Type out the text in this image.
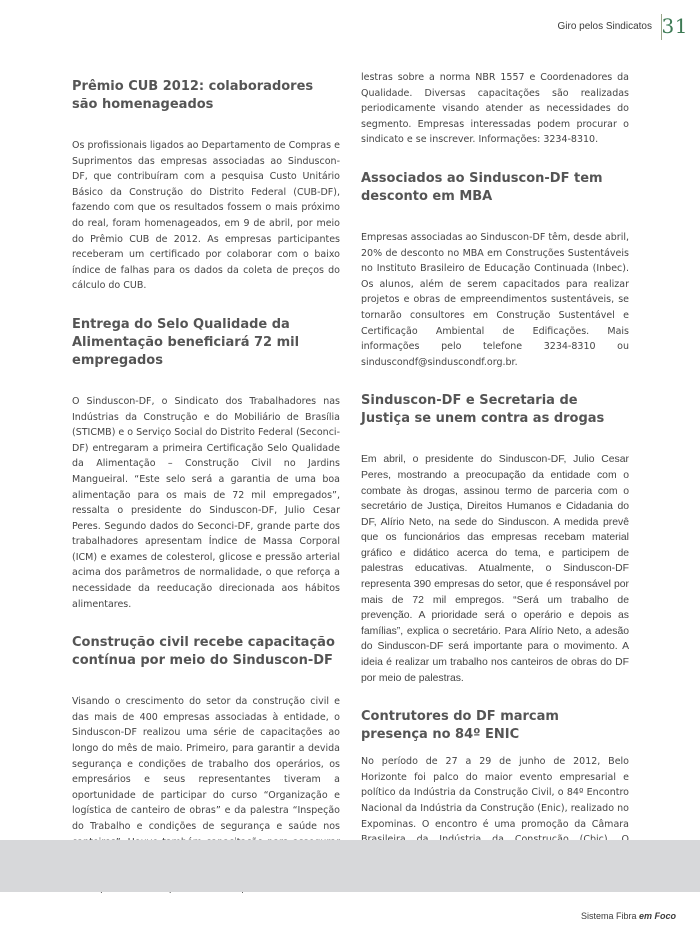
Giro pelos Sindicatos 31
Prêmio CUB 2012: colaboradores são homenageados

Os profissionais ligados ao Departamento de Compras e Suprimentos das empresas associadas ao Sinduscon-DF, que contribuíram com a pesquisa Custo Unitário Básico da Construção do Distrito Federal (CUB-DF), fazendo com que os resultados fossem o mais próximo do real, foram homenageados, em 9 de abril, por meio do Prêmio CUB de 2012. As empresas participantes receberam um certificado por colaborar com o baixo índice de falhas para os dados da coleta de preços do cálculo do CUB.

Entrega do Selo Qualidade da Alimentação beneficiará 72 mil empregados

O Sinduscon-DF, o Sindicato dos Trabalhadores nas Indústrias da Construção e do Mobiliário de Brasília (STICMB) e o Serviço Social do Distrito Federal (Seconci-DF) entregaram a primeira Certificação Selo Qualidade da Alimentação – Construção Civil no Jardins Mangueiral. “Este selo será a garantia de uma boa alimentação para os mais de 72 mil empregados”, ressalta o presidente do Sinduscon-DF, Julio Cesar Peres. Segundo dados do Seconci-DF, grande parte dos trabalhadores apresentam Índice de Massa Corporal (ICM) e exames de colesterol, glicose e pressão arterial acima dos parâmetros de normalidade, o que reforça a necessidade da reeducação direcionada aos hábitos alimentares.

Construção civil recebe capacitação contínua por meio do Sinduscon-DF

Visando o crescimento do setor da construção civil e das mais de 400 empresas associadas à entidade, o Sinduscon-DF realizou uma série de capacitações ao longo do mês de maio. Primeiro, para garantir a devida segurança e condições de trabalho dos operários, os empresários e seus representantes tiveram a oportunidade de participar do curso “Organização e logística de canteiro de obras” e da palestra “Inspeção do Trabalho e condições de segurança e saúde nos

lestras sobre a norma NBR 1557 e Coordenadores da Qualidade. Diversas capacitações são realizadas periodicamente visando atender as necessidades do segmento. Empresas interessadas podem procurar o sindicato e se inscrever. Informações: 3234-8310.

Associados ao Sinduscon-DF tem desconto em MBA

Empresas associadas ao Sinduscon-DF têm, desde abril, 20% de desconto no MBA em Construções Sustentáveis no Instituto Brasileiro de Educação Continuada (Inbec). Os alunos, além de serem capacitados para realizar projetos e obras de empreendimentos sustentáveis, se tornarão consultores em Construção Sustentável e Certificação Ambiental de Edificações. Mais informações pelo telefone 3234-8310 ou sinduscondf@sinduscondf.org.br.

Sinduscon-DF e Secretaria de Justiça se unem contra as drogas

Em abril, o presidente do Sinduscon-DF, Julio Cesar Peres, mostrando a preocupação da entidade com o combate às drogas, assinou termo de parceria com o secretário de Justiça, Direitos Humanos e Cidadania do DF, Alírio Neto, na sede do Sinduscon. A medida prevê que os funcionários das empresas recebam material gráfico e didático acerca do tema, e participem de palestras educativas. Atualmente, o Sinduscon-DF representa 390 empresas do setor, que é responsável por mais de 72 mil empregos. “Será um trabalho de prevenção. A prioridade será o operário e depois as famílias”, explica o secretário. Para Alírio Neto, a adesão do Sinduscon-DF será importante para o movimento. A ideia é realizar um trabalho nos canteiros de obras do DF por meio de palestras.

Contrutores do DF marcam presença no 84º ENIC

No período de 27 a 29 de junho de 2012, Belo Horizonte foi palco do maior evento empresarial e político da Indústria da Construção Civil, o 84º Encontro Nacional da Indústria da Construção (Enic), realizado no Expominas. O encontro é uma promoção da Câmara

Sistema Fibra em Foco
